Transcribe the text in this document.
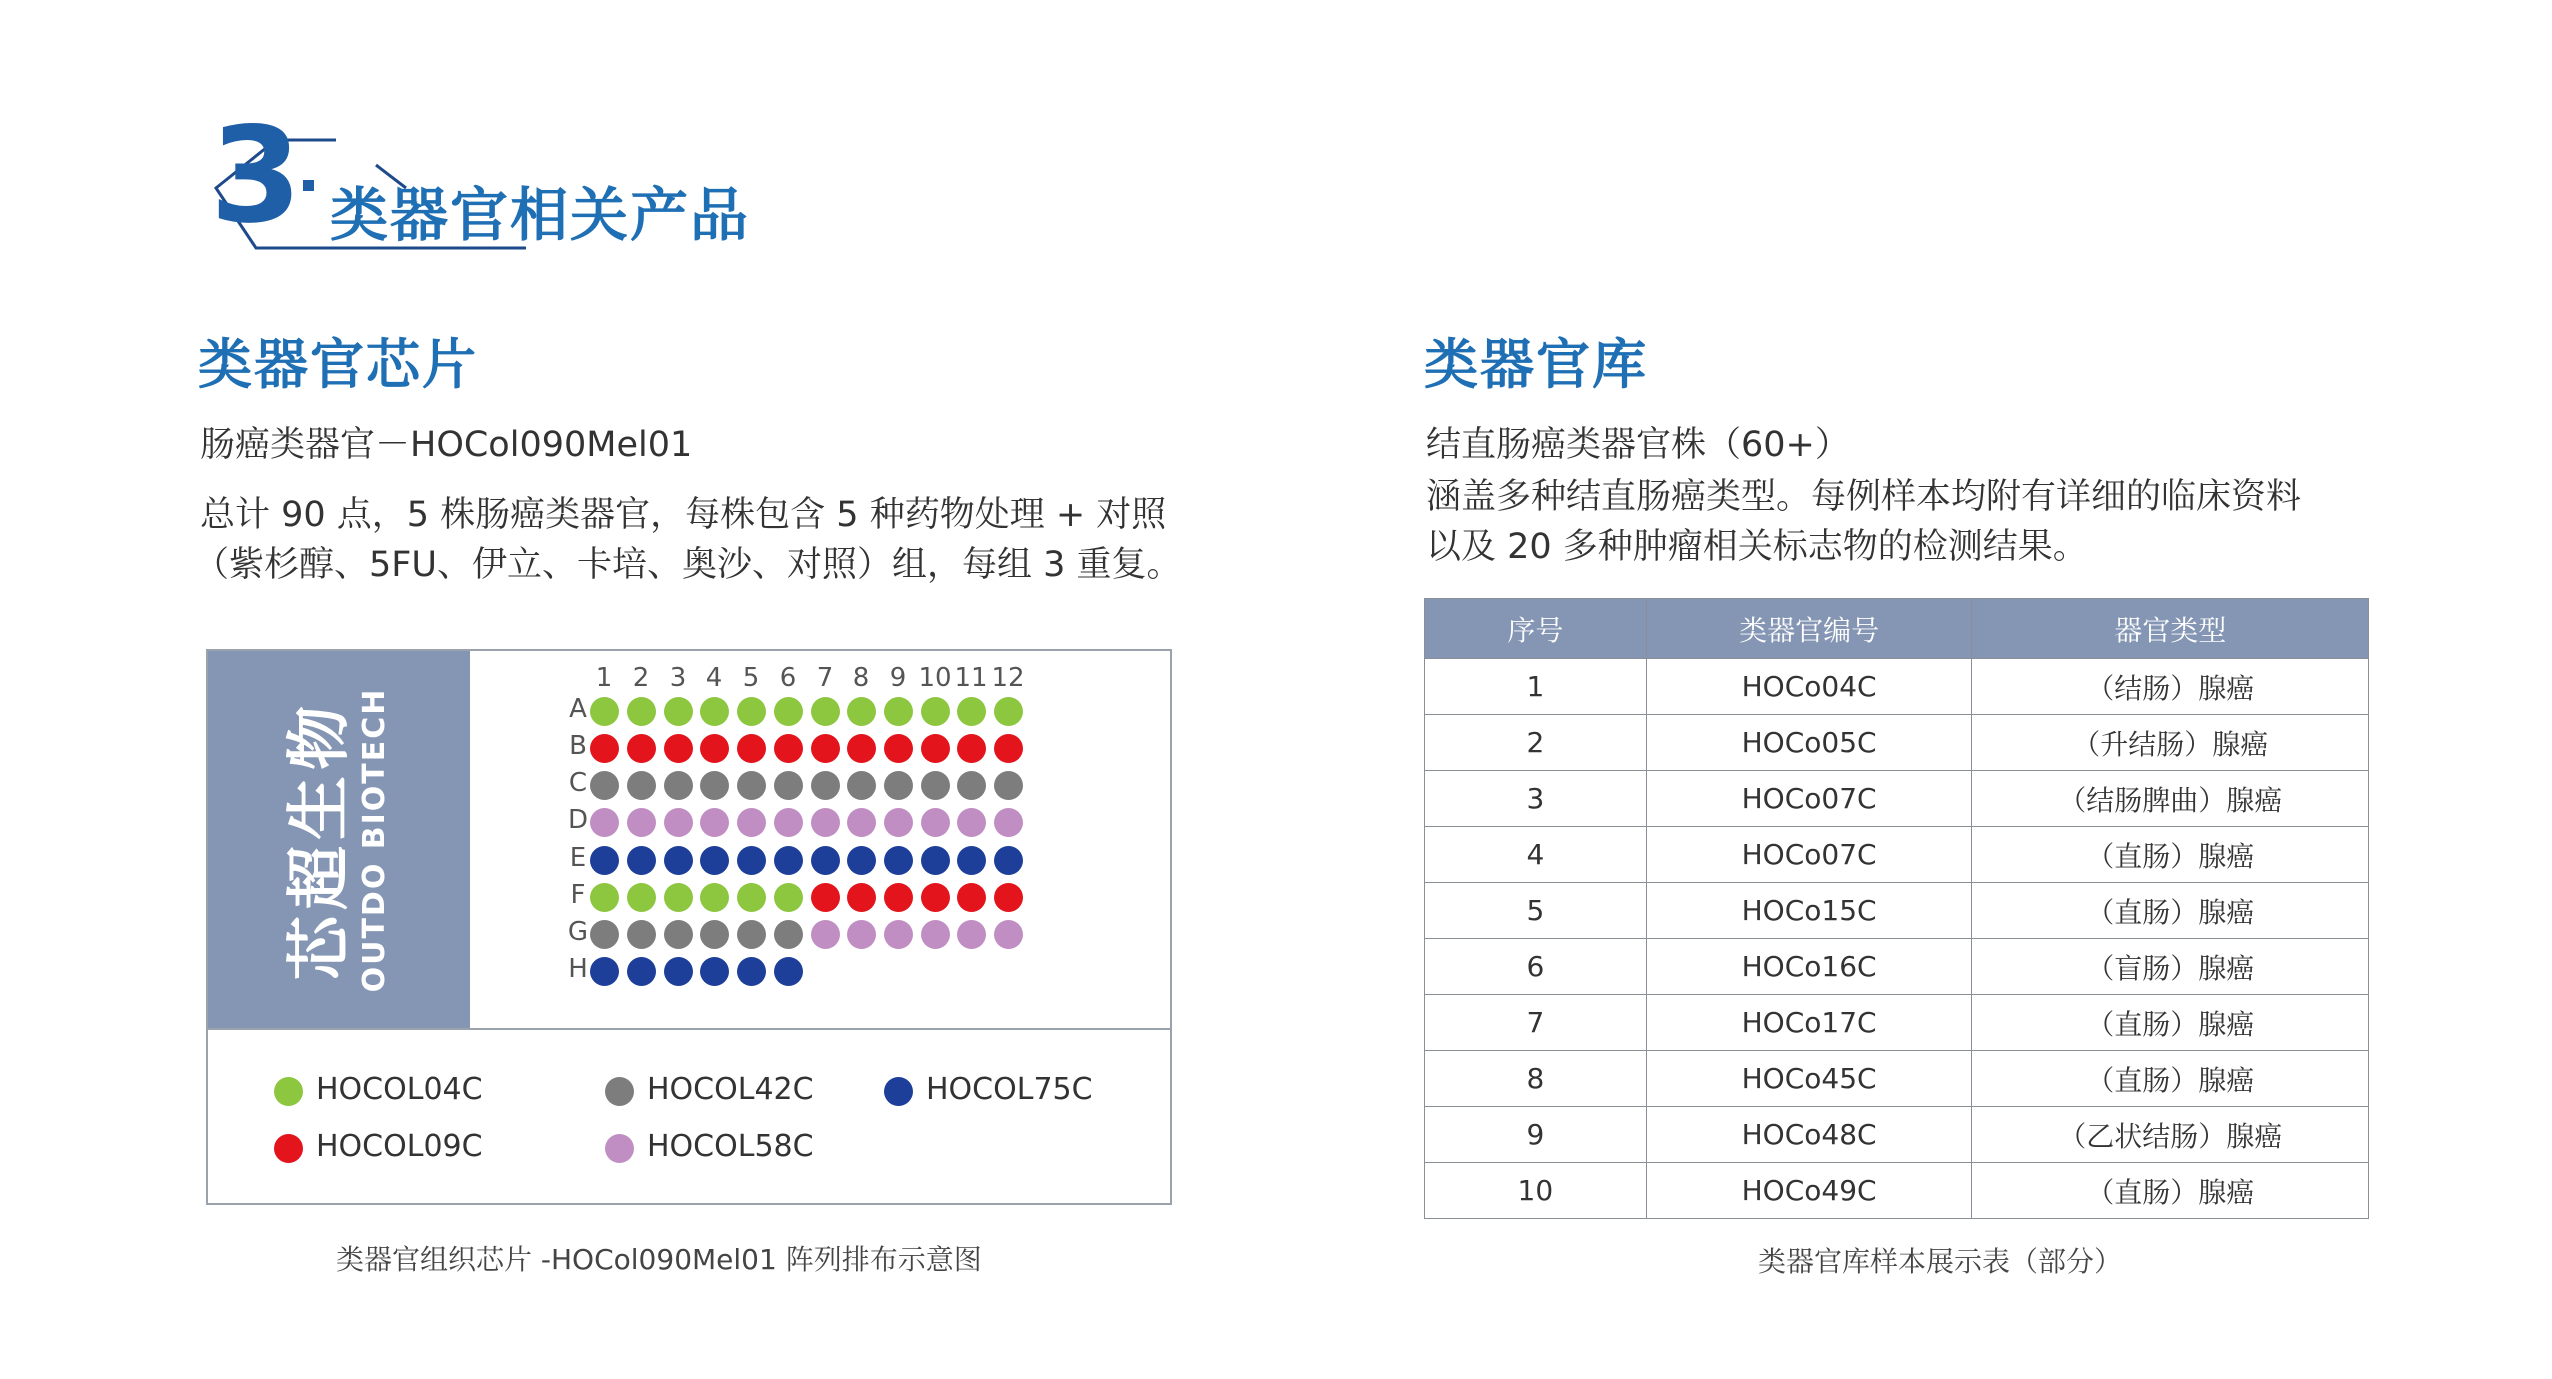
3 类器官相关产品
类器官芯片
肠癌类器官－HOCol090Mel01
总计 90 点，5 株肠癌类器官，每株包含 5 种药物处理 + 对照
（紫杉醇、5FU、伊立、卡培、奥沙、对照）组，每组 3 重复。
芯超生物 OUTDO BIOTECH
1 2 3 4 5 6 7 8 9 10 11 12
A
B
C
D
E
F
G
H
HOCOL04C
HOCOL09C
HOCOL42C
HOCOL58C
HOCOL75C
类器官组织芯片 -HOCol090Mel01 阵列排布示意图
类器官库
结直肠癌类器官株（60+）
涵盖多种结直肠癌类型。每例样本均附有详细的临床资料
以及 20 多种肿瘤相关标志物的检测结果。
序号	类器官编号	器官类型
1	HOCo04C	（结肠）腺癌
2	HOCo05C	（升结肠）腺癌
3	HOCo07C	（结肠脾曲）腺癌
4	HOCo07C	（直肠）腺癌
5	HOCo15C	（直肠）腺癌
6	HOCo16C	（盲肠）腺癌
7	HOCo17C	（直肠）腺癌
8	HOCo45C	（直肠）腺癌
9	HOCo48C	（乙状结肠）腺癌
10	HOCo49C	（直肠）腺癌
类器官库样本展示表（部分）
